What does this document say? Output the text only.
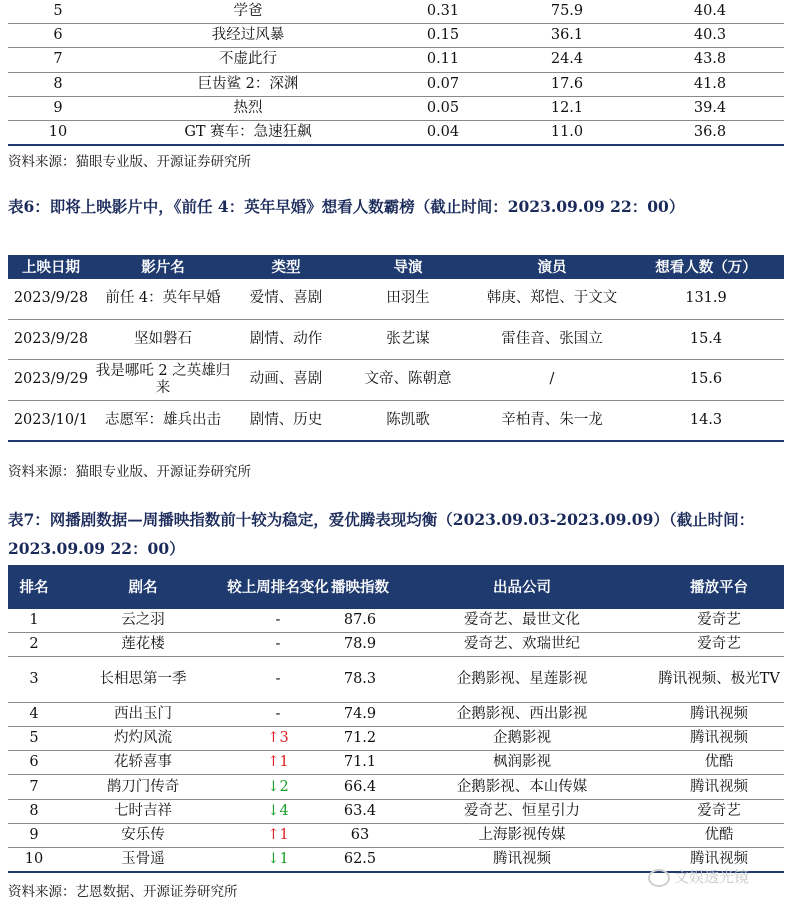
5	学爸	0.31	75.9	40.4
6	我经过风暴	0.15	36.1	40.3
7	不虚此行	0.11	24.4	43.8
8	巨齿鲨 2：深渊	0.07	17.6	41.8
9	热烈	0.05	12.1	39.4
10	GT 赛车：急速狂飙	0.04	11.0	36.8
资料来源：猫眼专业版、开源证券研究所
表6：即将上映影片中，《前任 4：英年早婚》想看人数霸榜（截止时间：2023.09.09 22：00）
上映日期	影片名	类型	导演	演员	想看人数（万）
2023/9/28	前任 4：英年早婚	爱情、喜剧	田羽生	韩庚、郑恺、于文文	131.9
2023/9/28	坚如磐石	剧情、动作	张艺谋	雷佳音、张国立	15.4
2023/9/29	我是哪吒 2 之英雄归来	动画、喜剧	文帝、陈朝意	/	15.6
2023/10/1	志愿军：雄兵出击	剧情、历史	陈凯歌	辛柏青、朱一龙	14.3
资料来源：猫眼专业版、开源证券研究所
表7：网播剧数据—周播映指数前十较为稳定，爱优腾表现均衡（2023.09.03-2023.09.09）（截止时间：2023.09.09 22：00）
排名	剧名	较上周排名变化	播映指数	出品公司	播放平台
1	云之羽	-	87.6	爱奇艺、最世文化	爱奇艺
2	莲花楼	-	78.9	爱奇艺、欢瑞世纪	爱奇艺
3	长相思第一季	-	78.3	企鹅影视、星莲影视	腾讯视频、极光TV
4	西出玉门	-	74.9	企鹅影视、西出影视	腾讯视频
5	灼灼风流	↑3	71.2	企鹅影视	腾讯视频
6	花轿喜事	↑1	71.1	枫润影视	优酷
7	鹊刀门传奇	↓2	66.4	企鹅影视、本山传媒	腾讯视频
8	七时吉祥	↓4	63.4	爱奇艺、恒星引力	爱奇艺
9	安乐传	↑1	63	上海影视传媒	优酷
10	玉骨遥	↓1	62.5	腾讯视频	腾讯视频
资料来源：艺恩数据、开源证券研究所
文娱透光镜
